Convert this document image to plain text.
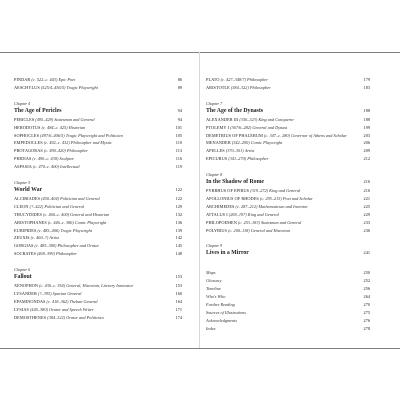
PINDAR (c. 522–c. 443) Epic Poet	86
AESCHYLUS (525/4–456/5) Tragic Playwright	89
Chapter 4
The Age of Pericles	94
PERICLES (495–429) Statesman and General	94
HERODOTUS (c. 484–c. 425) Historian	101
SOPHOCLES (497/6–406/5) Tragic Playwright and Politician	105
EMPEDOCLES (c. 492–c. 432) Philosopher and Mystic	110
PROTAGORAS (c. 490–420) Philosopher	113
PHIDIAS (c. 490–c. 430) Sculptor	116
ASPASIA (c. 470–c. 400) Intellectual	119
Chapter 5
World War	122
ALCIBIADES (450–404) Politician and General	122
CLEON (?–422) Politician and General	129
THUCYDIDES (c. 460–c. 400) General and Historian	132
ARISTOPHANES (c. 446–c. 386) Comic Playwright	136
EURIPIDES (c. 485–406) Tragic Playwright	139
ZEUXIS (c. 460–?) Artist	142
GORGIAS (c. 485–380) Philosopher and Orator	145
SOCRATES (469–399) Philosopher	148
Chapter 6
Fallout	153
XENOPHON (c. 430–c. 354) General, Historian, Literary Innovator	153
LYSANDER (?–395) Spartan General	160
EPAMINONDAS (c. 418–362) Theban General	164
LYSIAS (445–380) Orator and Speech Writer	171
DEMOSTHENES (384–322) Orator and Politician	174
PLATO (c. 427–348/7) Philosopher	179
ARISTOTLE (384–322) Philosopher	183
Chapter 7
The Age of the Dynasts	188
ALEXANDER III (356–323) King and Conqueror	188
PTOLEMY I (367/6–282) General and Dynast	199
DEMETRIUS OF PHALERUM (c. 347–c. 280) Governor of Athens and Scholar	203
MENANDER (342–290) Comic Playwright	206
APELLES (370–301) Artist	209
EPICURUS (341–270) Philosopher	212
Chapter 8
In the Shadow of Rome	216
PYRRHUS OF EPIRUS (319–272) King and General	216
APOLLONIUS OF RHODES (c. 295–215) Poet and Scholar	221
ARCHIMEDES (c. 287–212) Mathematician and Inventor	225
ATTALUS I (269–197) King and General	229
PHILOPOEMEN (c. 253–183) Statesman and General	233
POLYBIUS (c. 200–118) General and Historian	236
Chapter 9
Lives in a Mirror	241
Maps	250
Glossary	252
Timeline	256
Who's Who	264
Further Reading	270
Sources of Illustrations	275
Acknowledgments	276
Index	278
